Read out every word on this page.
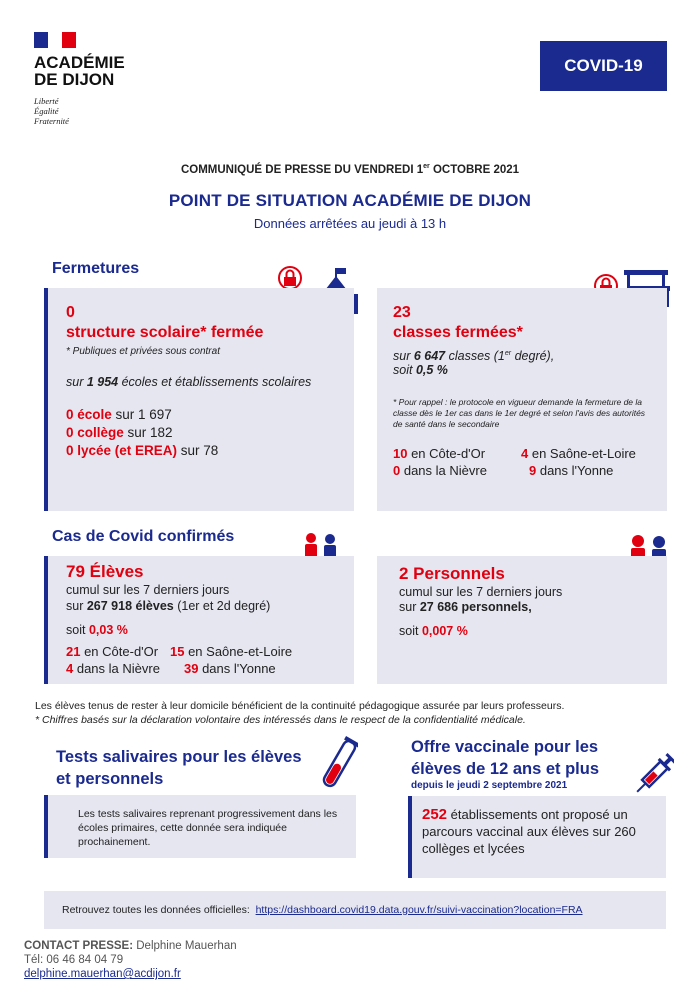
ACADÉMIE
DE DIJON
Liberté
Égalité
Fraternité
COVID-19
COMMUNIQUÉ DE PRESSE DU VENDREDI 1er OCTOBRE 2021
POINT DE SITUATION ACADÉMIE DE DIJON
Données arrêtées au jeudi à 13 h
Fermetures
0
structure scolaire* fermée
* Publiques et privées sous contrat
sur 1 954 écoles et établissements scolaires
0 école sur 1 697
0 collège sur 182
0 lycée (et EREA) sur 78
23
classes fermées*
sur 6 647 classes (1er degré),
soit 0,5 %
* Pour rappel : le protocole en vigueur demande la fermeture de la classe dès le 1er cas dans le 1er degré et selon l'avis des autorités de santé dans le secondaire
10 en Côte-d'Or	4 en Saône-et-Loire
0 dans la Nièvre	9 dans l'Yonne
Cas de Covid confirmés
79 Élèves
cumul sur les 7 derniers jours
sur 267 918 élèves (1er et 2d degré)
soit 0,03 %
21 en Côte-d'Or 15 en Saône-et-Loire
4 dans la Nièvre	39 dans l'Yonne
2 Personnels
cumul sur les 7 derniers jours
sur 27 686 personnels,
soit 0,007 %
Les élèves tenus de rester à leur domicile bénéficient de la continuité pédagogique assurée par leurs professeurs.
* Chiffres basés sur la déclaration volontaire des intéressés dans le respect de la confidentialité médicale.
Tests salivaires pour les élèves
et personnels
Les tests salivaires reprenant progressivement dans les écoles primaires, cette donnée sera indiquée prochainement.
Offre vaccinale pour les
élèves de 12 ans et plus
depuis le jeudi 2 septembre 2021
252 établissements ont proposé un parcours vaccinal aux élèves sur 260 collèges et lycées
Retrouvez toutes les données officielles: https://dashboard.covid19.data.gouv.fr/suivi-vaccination?location=FRA
CONTACT PRESSE: Delphine Mauerhan
Tél: 06 46 84 04 79
delphine.mauerhan@acdijon.fr
